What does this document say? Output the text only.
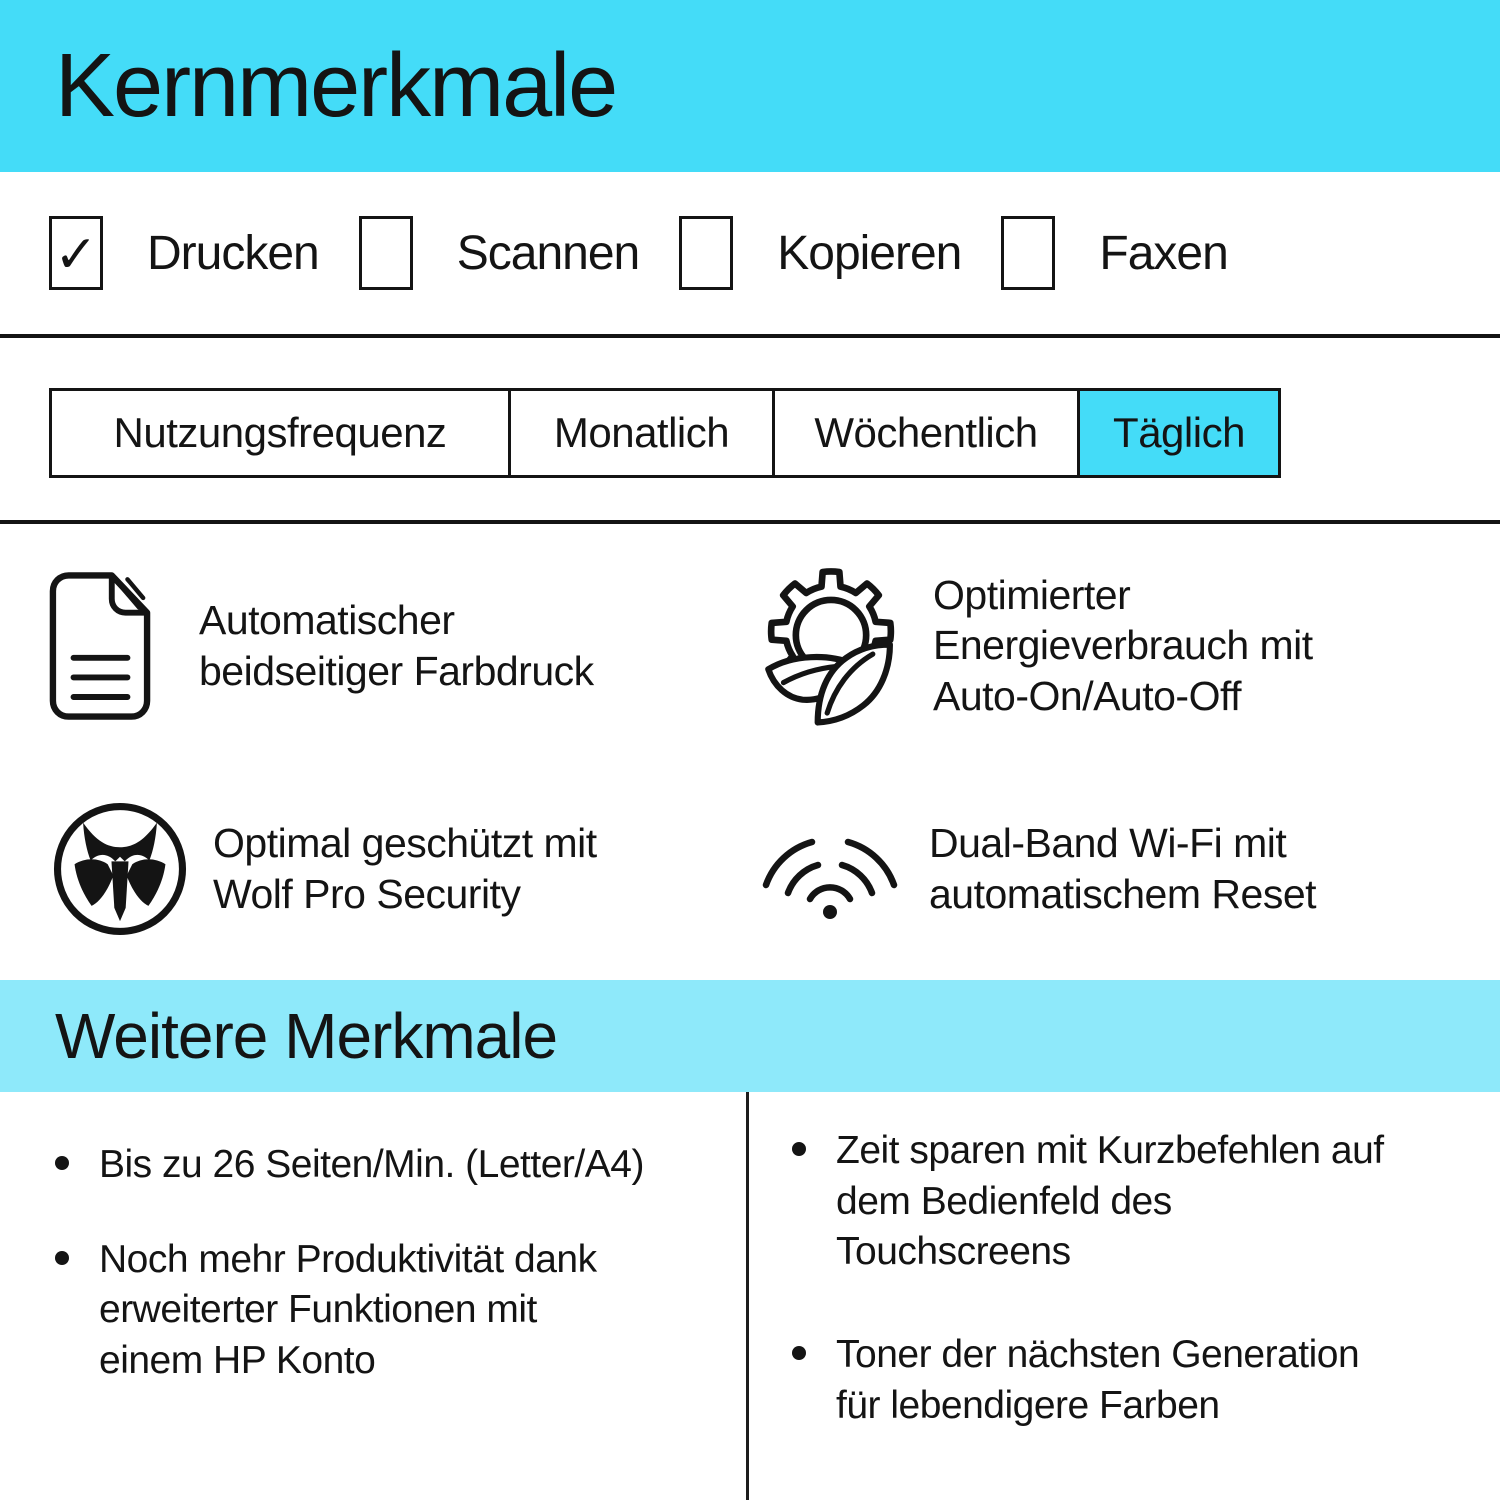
Kernmerkmale
✓ Drucken	Scannen	Kopieren	Faxen
Nutzungsfrequenz	Monatlich	Wöchentlich	Täglich
Automatischer
beidseitiger Farbdruck
Optimierter
Energieverbrauch mit
Auto-On/Auto-Off
Optimal geschützt mit
Wolf Pro Security
Dual-Band Wi-Fi mit
automatischem Reset
Weitere Merkmale
Bis zu 26 Seiten/Min. (Letter/A4)
Noch mehr Produktivität dank
erweiterter Funktionen mit
einem HP Konto
Zeit sparen mit Kurzbefehlen auf
dem Bedienfeld des
Touchscreens
Toner der nächsten Generation
für lebendigere Farben
